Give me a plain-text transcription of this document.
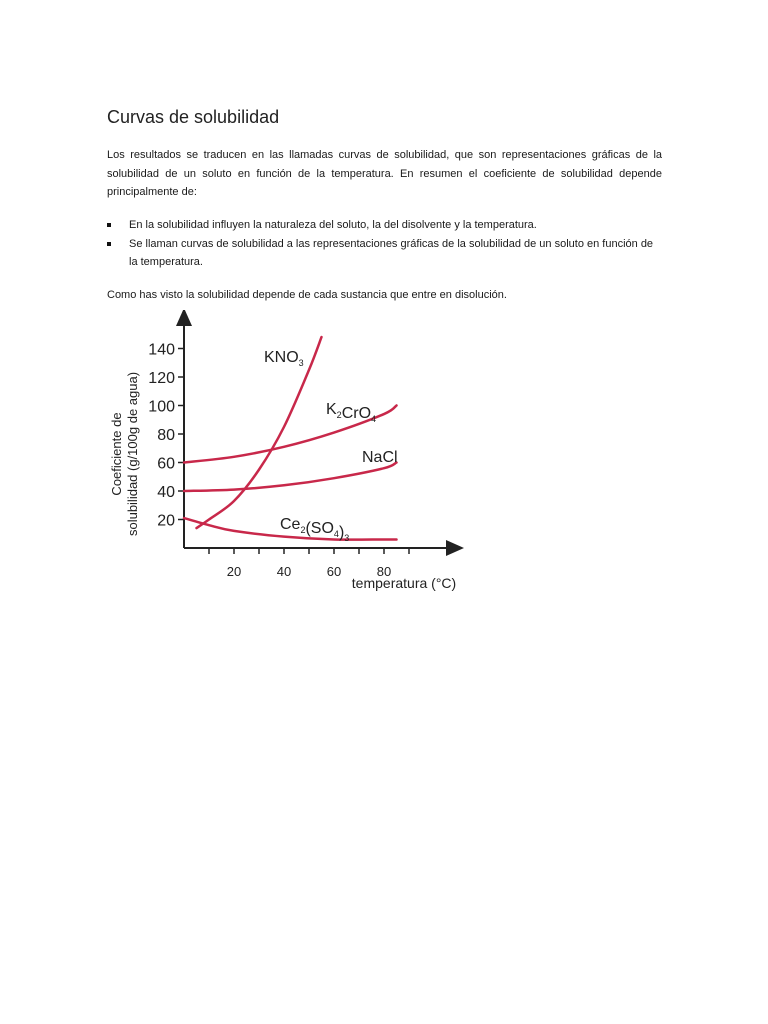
Curvas de solubilidad

Los resultados se traducen en las llamadas curvas de solubilidad, que son representaciones gráficas de la solubilidad de un soluto en función de la temperatura. En resumen el coeficiente de solubilidad depende principalmente de:

En la solubilidad influyen la naturaleza del soluto, la del disolvente y la temperatura.
Se llaman curvas de solubilidad a las representaciones gráficas de la solubilidad de un soluto en función de la temperatura.

Como has visto la solubilidad depende de cada sustancia que entre en disolución.

20
40
60
80
100
120
140
20	40	60	80
temperatura (°C)
Coeficiente de solubilidad (g/100g de agua)
$KNO_3$
$K_2CrO_4$
NaCl
$Ce_2(SO_4)_3$
